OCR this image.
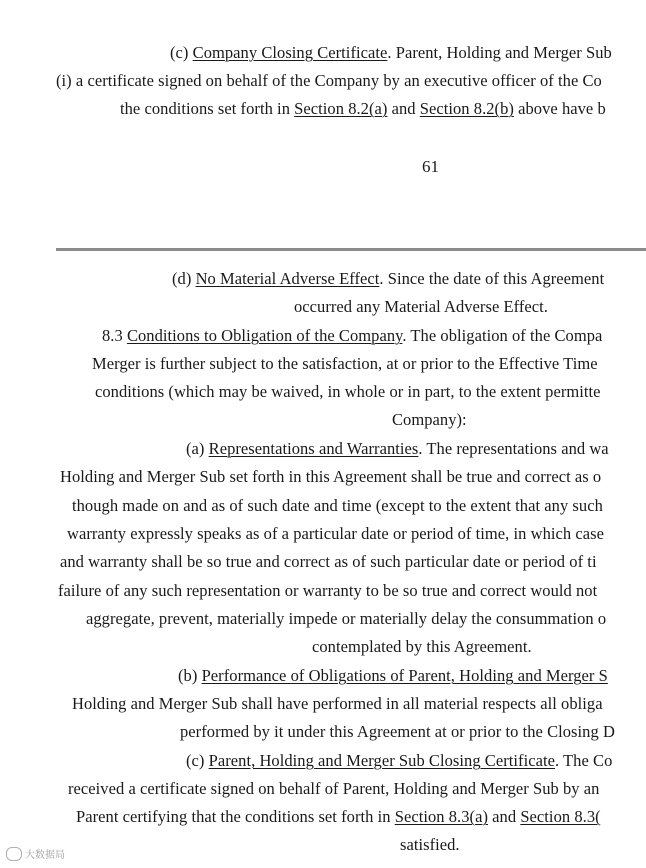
(c) Company Closing Certificate. Parent, Holding and Merger Sub
(i) a certificate signed on behalf of the Company by an executive officer of the Co
the conditions set forth in Section 8.2(a) and Section 8.2(b) above have b
61
(d) No Material Adverse Effect. Since the date of this Agreement
occurred any Material Adverse Effect.
8.3 Conditions to Obligation of the Company. The obligation of the Compa
Merger is further subject to the satisfaction, at or prior to the Effective Time
conditions (which may be waived, in whole or in part, to the extent permitte
Company):
(a) Representations and Warranties. The representations and wa
Holding and Merger Sub set forth in this Agreement shall be true and correct as o
though made on and as of such date and time (except to the extent that any such
warranty expressly speaks as of a particular date or period of time, in which case
and warranty shall be so true and correct as of such particular date or period of ti
failure of any such representation or warranty to be so true and correct would not
aggregate, prevent, materially impede or materially delay the consummation o
contemplated by this Agreement.
(b) Performance of Obligations of Parent, Holding and Merger S
Holding and Merger Sub shall have performed in all material respects all obliga
performed by it under this Agreement at or prior to the Closing D
(c) Parent, Holding and Merger Sub Closing Certificate. The Co
received a certificate signed on behalf of Parent, Holding and Merger Sub by an
Parent certifying that the conditions set forth in Section 8.3(a) and Section 8.3(
satisfied.
大数据局
